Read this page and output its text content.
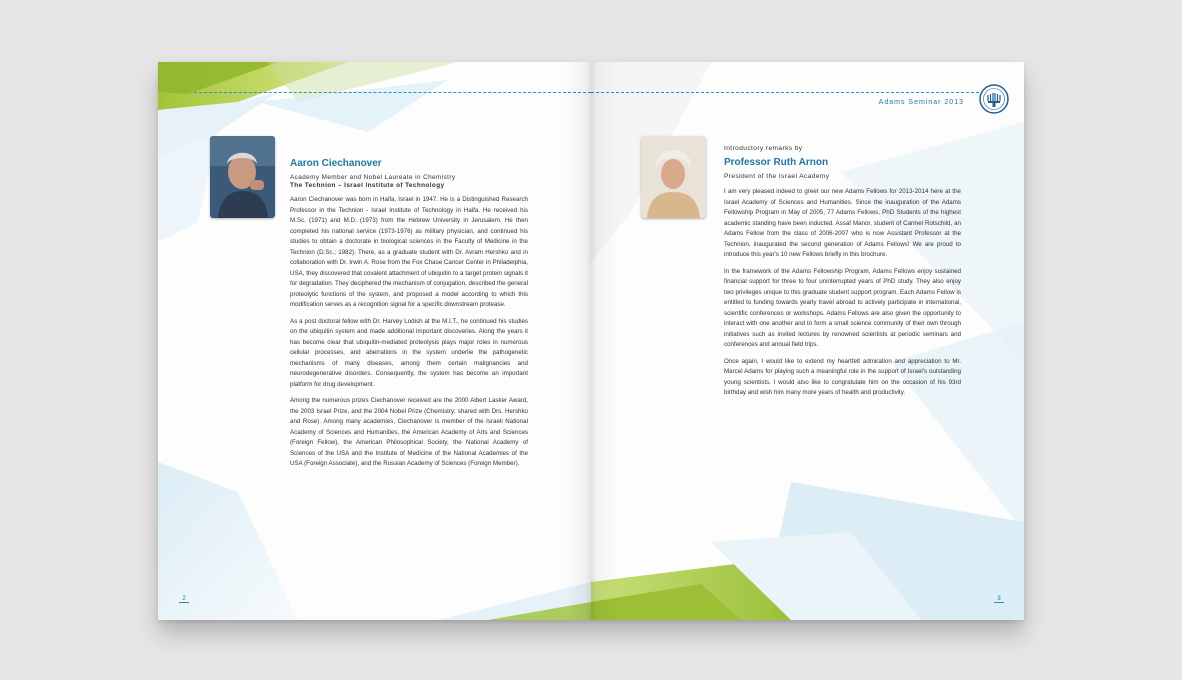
Aaron Ciechanover
Academy Member and Nobel Laureate in Chemistry
The Technion – Israel Institute of Technology

Aaron Ciechanover was born in Haifa, Israel in 1947. He is a Distinguished Research Professor in the Technion - Israel Institute of Technology in Haifa. He received his M.Sc. (1971) and M.D. (1973) from the Hebrew University in Jerusalem. He then completed his national service (1973-1976) as military physician, and continued his studies to obtain a doctorate in biological sciences in the Faculty of Medicine in the Technion (D.Sc.; 1982). There, as a graduate student with Dr. Avram Hershko and in collaboration with Dr. Irwin A. Rose from the Fox Chase Cancer Center in Philadelphia, USA, they discovered that covalent attachment of ubiquitin to a target protein signals it for degradation. They deciphered the mechanism of conjugation, described the general proteolytic functions of the system, and proposed a model according to which this modification serves as a recognition signal for a specific downstream protease.

As a post doctoral fellow with Dr. Harvey Lodish at the M.I.T., he continued his studies on the ubiquitin system and made additional important discoveries. Along the years it has become clear that ubiquitin-mediated proteolysis plays major roles in numerous cellular processes, and aberrations in the system underlie the pathogenetic mechanisms of many diseases, among them certain malignancies and neurodegenerative disorders. Consequently, the system has become an important platform for drug development.

Among the numerous prizes Ciechanover received are the 2000 Albert Lasker Award, the 2003 Israel Prize, and the 2004 Nobel Prize (Chemistry; shared with Drs. Hershko and Rose). Among many academies, Ciechanover is member of the Israeli National Academy of Sciences and Humanities, the American Academy of Arts and Sciences (Foreign Fellow), the American Philosophical Society, the National Academy of Sciences of the USA and the Institute of Medicine of the National Academies of the USA (Foreign Associate), and the Russian Academy of Sciences (Foreign Member).

2
Adams Seminar 2013
Introductory remarks by
Professor Ruth Arnon
President of the Israel Academy

I am very pleased indeed to greet our new Adams Fellows for 2013-2014 here at the Israel Academy of Sciences and Humanities. Since the inauguration of the Adams Fellowship Program in May of 2005, 77 Adams Fellows, PhD Students of the highest academic standing have been inducted. Assaf Manor, student of Carmel Rotschild, an Adams Fellow from the class of 2006-2007 who is now Assistant Professor at the Technion, inaugurated the second generation of Adams Fellows! We are proud to introduce this year's 10 new Fellows briefly in this brochure.

In the framework of the Adams Fellowship Program, Adams Fellows enjoy sustained financial support for three to four uninterrupted years of PhD study. They also enjoy two privileges unique to this graduate student support program. Each Adams Fellow is entitled to funding towards yearly travel abroad to actively participate in international, scientific conferences or workshops. Adams Fellows are also given the opportunity to interact with one another and to form a small science community of their own through initiatives such as invited lectures by renowned scientists at periodic seminars and conferences and annual field trips.

Once again, I would like to extend my heartfelt admiration and appreciation to Mr. Marcel Adams for playing such a meaningful role in the support of Israel's outstanding young scientists. I would also like to congratulate him on the occasion of his 93rd birthday and wish him many more years of health and productivity.

3
